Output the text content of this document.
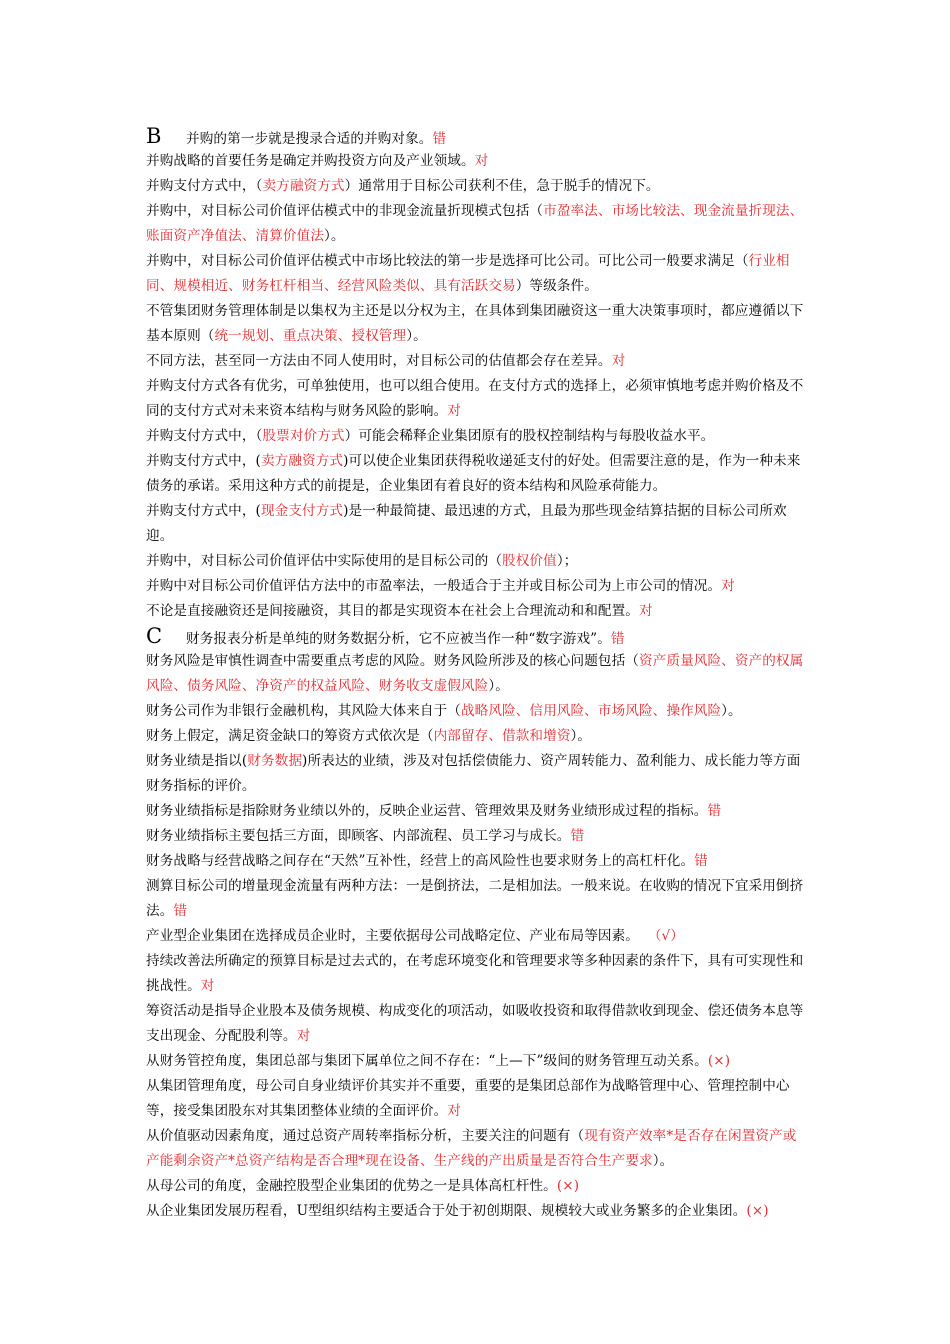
B 并购的第一步就是搜录合适的并购对象。错

并购战略的首要任务是确定并购投资方向及产业领域。对

并购支付方式中，（卖方融资方式）通常用于目标公司获利不佳，急于脱手的情况下。

并购中，对目标公司价值评估模式中的非现金流量折现模式包括（市盈率法、市场比较法、现金流量折现法、账面资产净值法、清算价值法）。

并购中，对目标公司价值评估模式中市场比较法的第一步是选择可比公司。可比公司一般要求满足（行业相同、规模相近、财务杠杆相当、经营风险类似、具有活跃交易）等级条件。

不管集团财务管理体制是以集权为主还是以分权为主，在具体到集团融资这一重大决策事项时，都应遵循以下基本原则（统一规划、重点决策、授权管理）。

不同方法，甚至同一方法由不同人使用时，对目标公司的估值都会存在差异。对

并购支付方式各有优劣，可单独使用，也可以组合使用。在支付方式的选择上，必须审慎地考虑并购价格及不同的支付方式对未来资本结构与财务风险的影响。对

并购支付方式中，（股票对价方式）可能会稀释企业集团原有的股权控制结构与每股收益水平。

并购支付方式中，(卖方融资方式)可以使企业集团获得税收递延支付的好处。但需要注意的是，作为一种未来债务的承诺。采用这种方式的前提是，企业集团有着良好的资本结构和风险承荷能力。

并购支付方式中，(现金支付方式)是一种最简捷、最迅速的方式，且最为那些现金结算拮据的目标公司所欢迎。

并购中，对目标公司价值评估中实际使用的是目标公司的（股权价值）；

并购中对目标公司价值评估方法中的市盈率法，一般适合于主并或目标公司为上市公司的情况。对

不论是直接融资还是间接融资，其目的都是实现资本在社会上合理流动和和配置。对

C 财务报表分析是单纯的财务数据分析，它不应被当作一种“数字游戏”。错

财务风险是审慎性调查中需要重点考虑的风险。财务风险所涉及的核心问题包括（资产质量风险、资产的权属风险、债务风险、净资产的权益风险、财务收支虚假风险）。

财务公司作为非银行金融机构，其风险大体来自于（战略风险、信用风险、市场风险、操作风险）。

财务上假定，满足资金缺口的筹资方式依次是（内部留存、借款和增资）。

财务业绩是指以(财务数据)所表达的业绩，涉及对包括偿债能力、资产周转能力、盈利能力、成长能力等方面财务指标的评价。

财务业绩指标是指除财务业绩以外的，反映企业运营、管理效果及财务业绩形成过程的指标。错

财务业绩指标主要包括三方面，即顾客、内部流程、员工学习与成长。错

财务战略与经营战略之间存在“天然”互补性，经营上的高风险性也要求财务上的高杠杆化。错

测算目标公司的增量现金流量有两种方法：一是倒挤法，二是相加法。一般来说。在收购的情况下宜采用倒挤法。错

产业型企业集团在选择成员企业时，主要依据母公司战略定位、产业布局等因素。  （√）

持续改善法所确定的预算目标是过去式的，在考虑环境变化和管理要求等多种因素的条件下，具有可实现性和挑战性。对

筹资活动是指导企业股本及债务规模、构成变化的项活动，如吸收投资和取得借款收到现金、偿还债务本息等支出现金、分配股利等。对

从财务管控角度，集团总部与集团下属单位之间不存在：“上—下”级间的财务管理互动关系。(×)

从集团管理角度，母公司自身业绩评价其实并不重要，重要的是集团总部作为战略管理中心、管理控制中心等，接受集团股东对其集团整体业绩的全面评价。对

从价值驱动因素角度，通过总资产周转率指标分析，主要关注的问题有（现有资产效率*是否存在闲置资产或产能剩余资产*总资产结构是否合理*现在设备、生产线的产出质量是否符合生产要求）。

从母公司的角度，金融控股型企业集团的优势之一是具体高杠杆性。(×)

从企业集团发展历程看，U型组织结构主要适合于处于初创期限、规模较大或业务繁多的企业集团。(×)
